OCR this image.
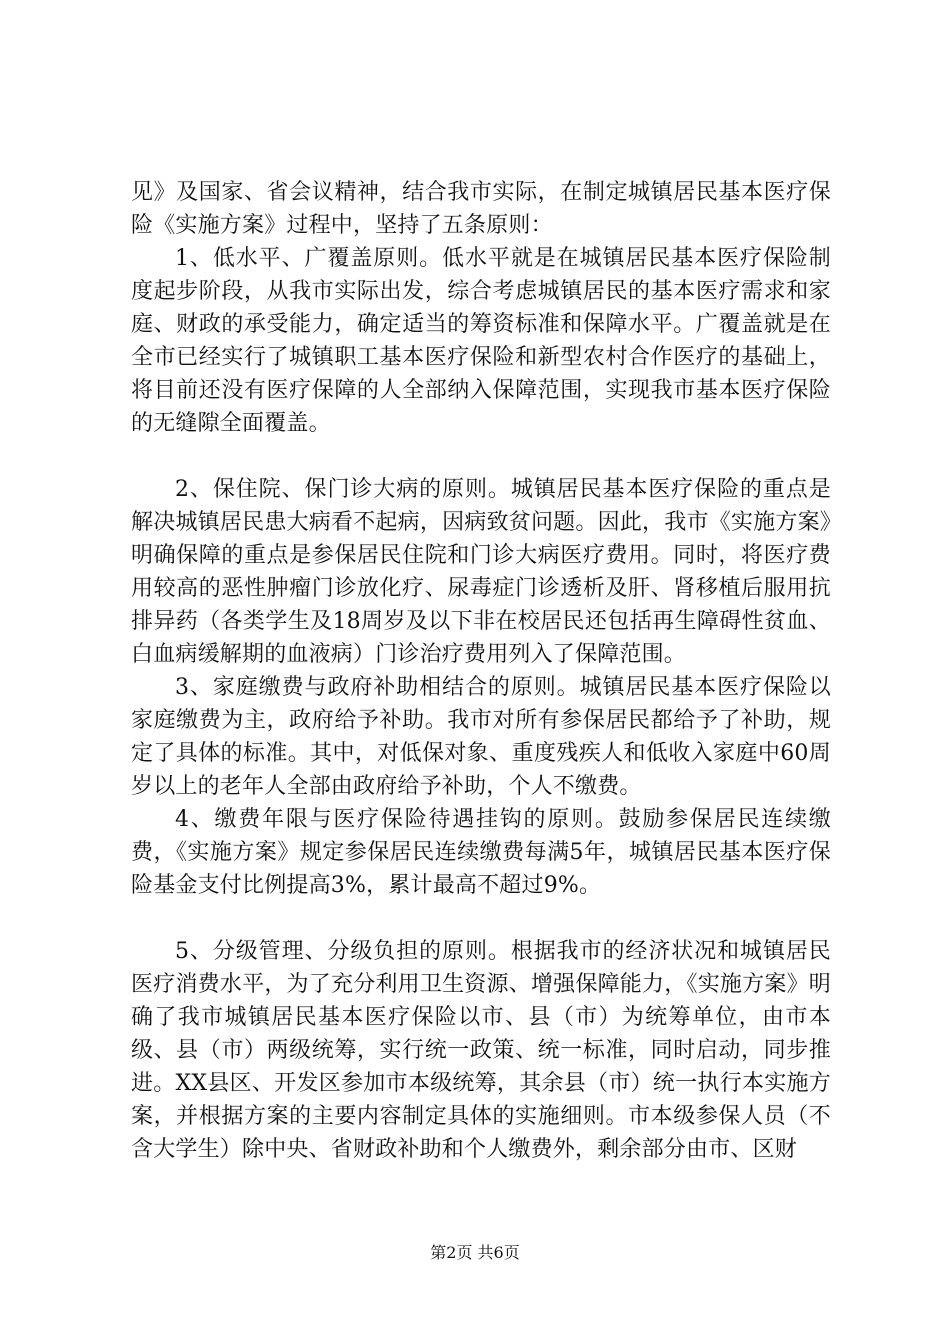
见》及国家、省会议精神，结合我市实际，在制定城镇居民基本医疗保险《实施方案》过程中，坚持了五条原则：

1、低水平、广覆盖原则。低水平就是在城镇居民基本医疗保险制度起步阶段，从我市实际出发，综合考虑城镇居民的基本医疗需求和家庭、财政的承受能力，确定适当的筹资标准和保障水平。广覆盖就是在全市已经实行了城镇职工基本医疗保险和新型农村合作医疗的基础上，将目前还没有医疗保障的人全部纳入保障范围，实现我市基本医疗保险的无缝隙全面覆盖。

2、保住院、保门诊大病的原则。城镇居民基本医疗保险的重点是解决城镇居民患大病看不起病，因病致贫问题。因此，我市《实施方案》明确保障的重点是参保居民住院和门诊大病医疗费用。同时，将医疗费用较高的恶性肿瘤门诊放化疗、尿毒症门诊透析及肝、肾移植后服用抗排异药（各类学生及18周岁及以下非在校居民还包括再生障碍性贫血、白血病缓解期的血液病）门诊治疗费用列入了保障范围。

3、家庭缴费与政府补助相结合的原则。城镇居民基本医疗保险以家庭缴费为主，政府给予补助。我市对所有参保居民都给予了补助，规定了具体的标准。其中，对低保对象、重度残疾人和低收入家庭中60周岁以上的老年人全部由政府给予补助，个人不缴费。

4、缴费年限与医疗保险待遇挂钩的原则。鼓励参保居民连续缴费，《实施方案》规定参保居民连续缴费每满5年，城镇居民基本医疗保险基金支付比例提高3%，累计最高不超过9%。

5、分级管理、分级负担的原则。根据我市的经济状况和城镇居民医疗消费水平，为了充分利用卫生资源、增强保障能力，《实施方案》明确了我市城镇居民基本医疗保险以市、县（市）为统筹单位，由市本级、县（市）两级统筹，实行统一政策、统一标准，同时启动，同步推进。XX县区、开发区参加市本级统筹，其余县（市）统一执行本实施方案，并根据方案的主要内容制定具体的实施细则。市本级参保人员（不含大学生）除中央、省财政补助和个人缴费外，剩余部分由市、区财

第2页 共6页
